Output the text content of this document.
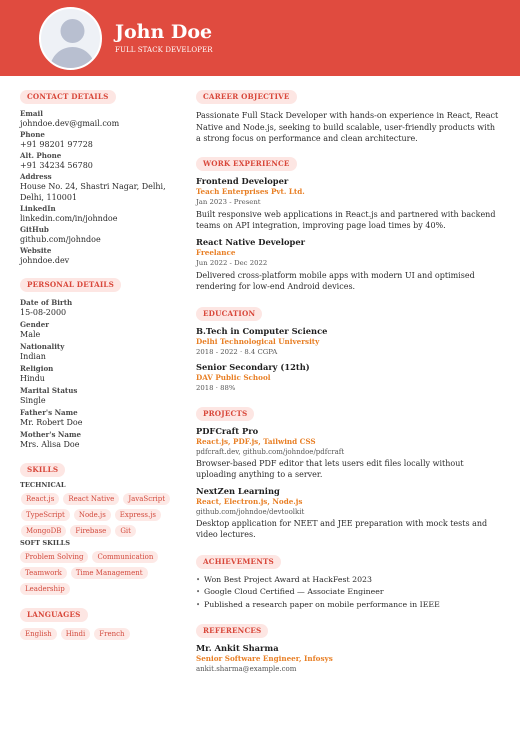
John Doe
FULL STACK DEVELOPER
CONTACT DETAILS
Email
johndoe.dev@gmail.com
Phone
+91 98201 97728
Alt. Phone
+91 34234 56780
Address
House No. 24, Shastri Nagar, Delhi, Delhi, 110001
LinkedIn
linkedin.com/in/johndoe
GitHub
github.com/johndoe
Website
johndoe.dev
PERSONAL DETAILS
Date of Birth
15-08-2000
Gender
Male
Nationality
Indian
Religion
Hindu
Marital Status
Single
Father's Name
Mr. Robert Doe
Mother's Name
Mrs. Alisa Doe
SKILLS
TECHNICAL
React.js	React Native	JavaScript
TypeScript	Node.js	Express.js
MongoDB	Firebase	Git
SOFT SKILLS
Problem Solving	Communication
Teamwork	Time Management
Leadership
LANGUAGES
English	Hindi	French
CAREER OBJECTIVE
Passionate Full Stack Developer with hands-on experience in React, React Native and Node.js, seeking to build scalable, user-friendly products with a strong focus on performance and clean architecture.
WORK EXPERIENCE
Frontend Developer
Teach Enterprises Pvt. Ltd.
Jan 2023 - Present
Built responsive web applications in React.js and partnered with backend teams on API integration, improving page load times by 40%.
React Native Developer
Freelance
Jun 2022 - Dec 2022
Delivered cross-platform mobile apps with modern UI and optimised rendering for low-end Android devices.
EDUCATION
B.Tech in Computer Science
Delhi Technological University
2018 - 2022 · 8.4 CGPA
Senior Secondary (12th)
DAV Public School
2018 · 88%
PROJECTS
PDFCraft Pro
React.js, PDF.js, Tailwind CSS
pdfcraft.dev, github.com/johndoe/pdfcraft
Browser-based PDF editor that lets users edit files locally without uploading anything to a server.
NextZen Learning
React, Electron.js, Node.js
github.com/johndoe/devtoolkit
Desktop application for NEET and JEE preparation with mock tests and video lectures.
ACHIEVEMENTS
• Won Best Project Award at HackFest 2023
• Google Cloud Certified — Associate Engineer
• Published a research paper on mobile performance in IEEE
REFERENCES
Mr. Ankit Sharma
Senior Software Engineer, Infosys
ankit.sharma@example.com
